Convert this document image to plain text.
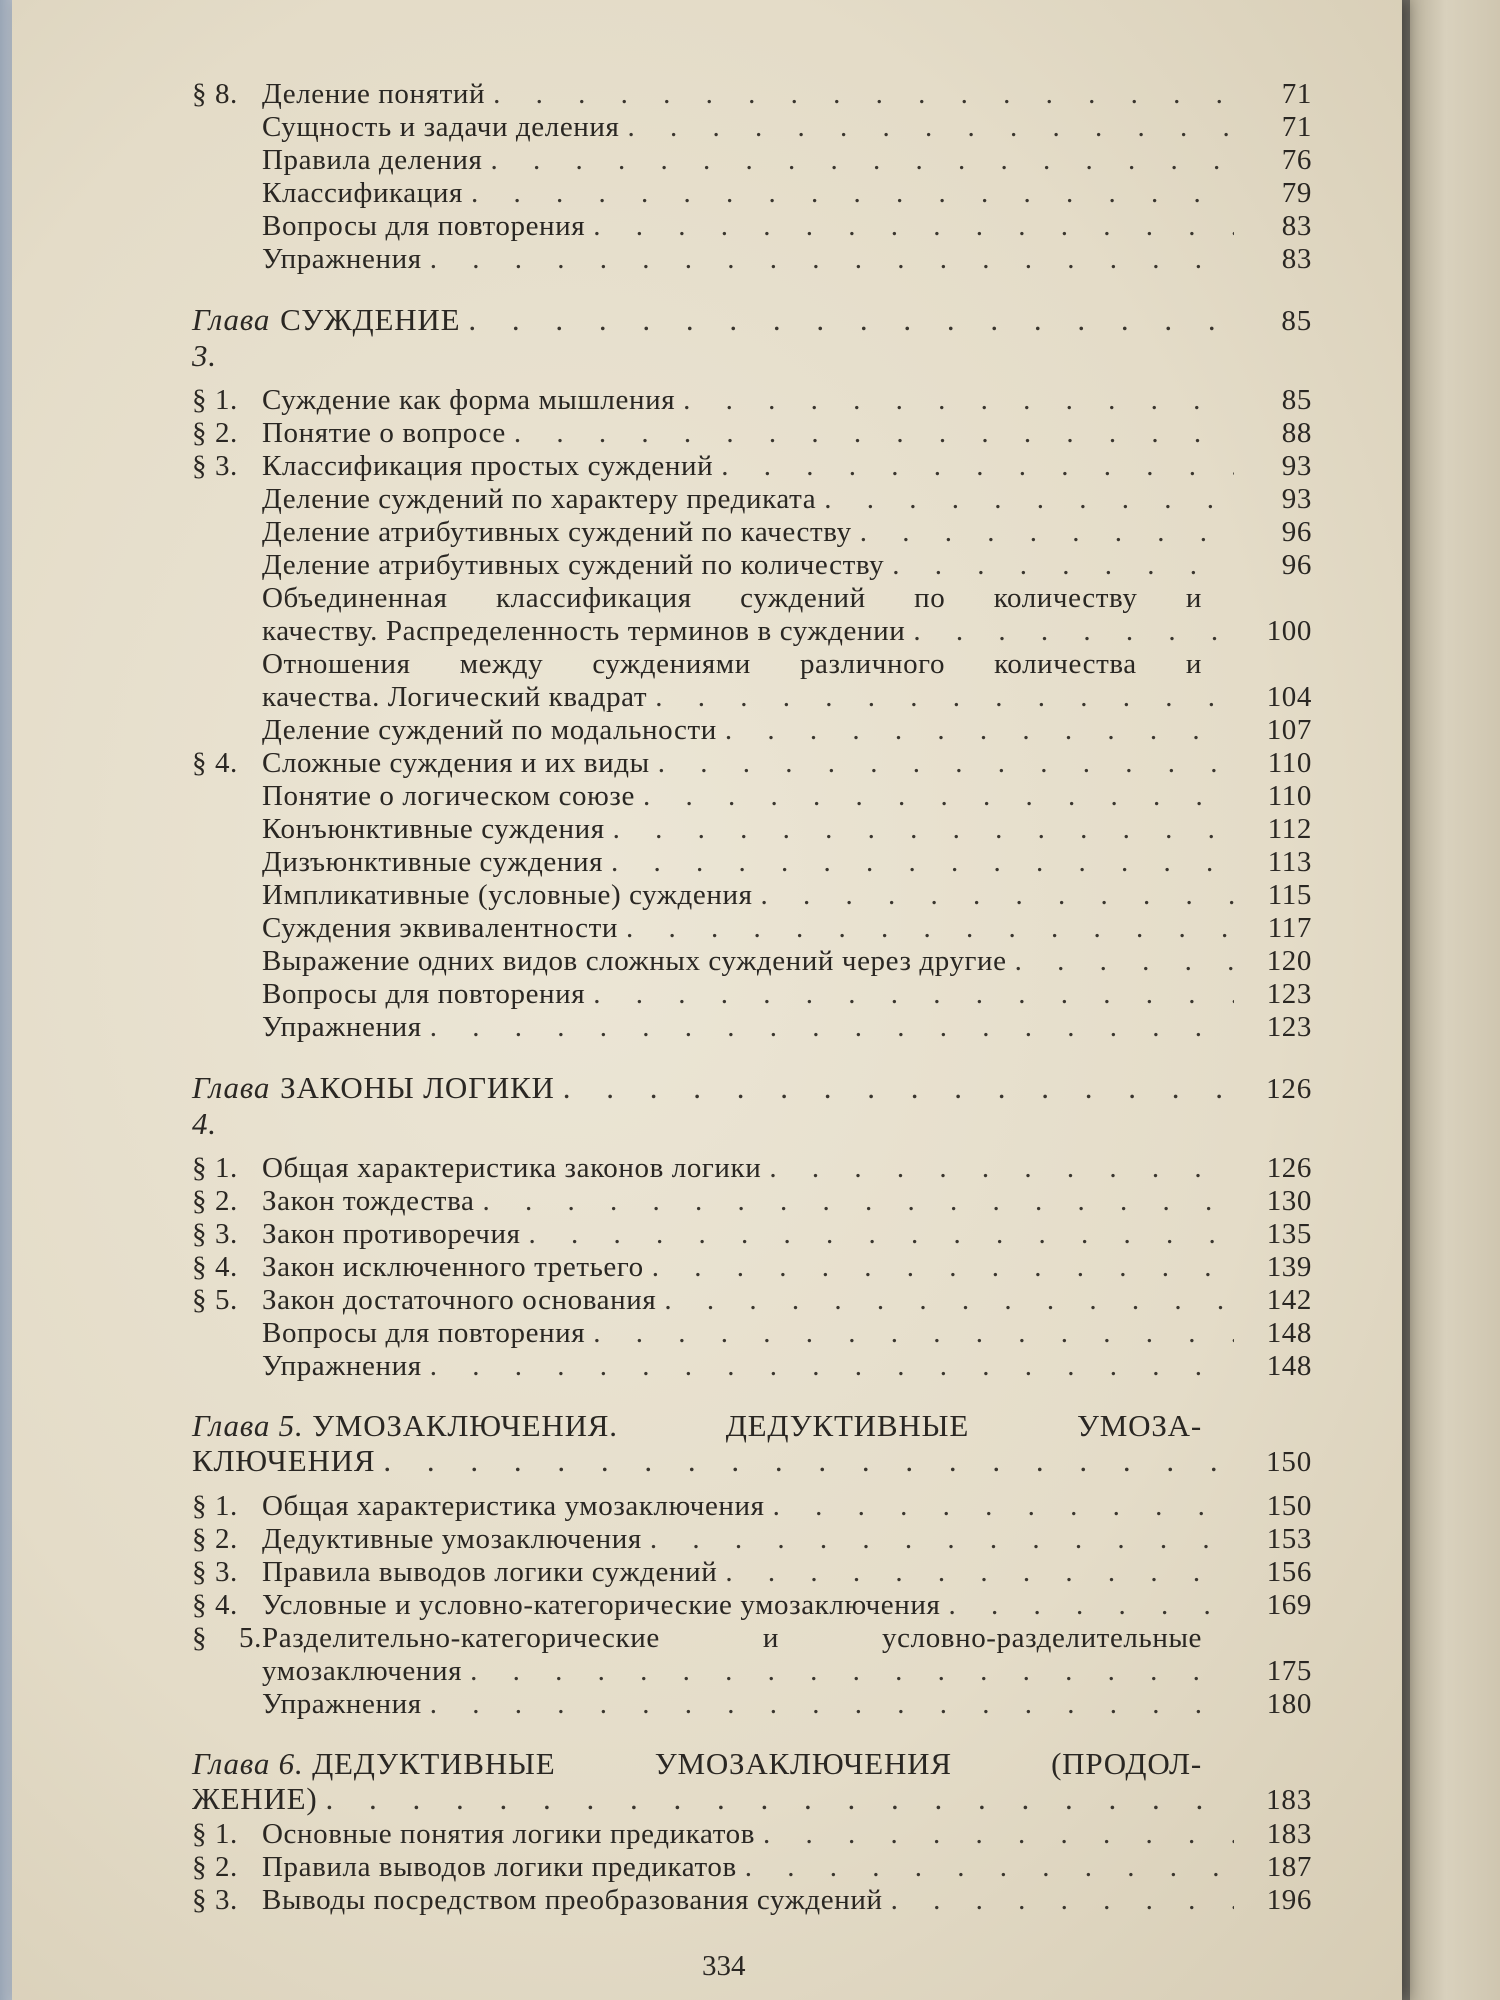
§ 8. Деление понятий . . .	71
Сущность и задачи деления . . .	71
Правила деления . . .	76
Классификация . . .	79
Вопросы для повторения . . .	83
Упражнения . . .	83
Глава 3.
СУЖДЕНИЕ . . .	85
§ 1. Суждение как форма мышления . . .	85
§ 2. Понятие о вопросе . . .	88
§ 3. Классификация простых суждений . . .	93
Деление суждений по характеру предиката . . .	93
Деление атрибутивных суждений по качеству . . .	96
Деление атрибутивных суждений по количеству . . .	96
Объединенная классификация суждений по количеству и
качеству. Распределенность терминов в суждении . . .	100
Отношения между суждениями различного количества и
качества. Логический квадрат . . .	104
Деление суждений по модальности . . .	107
§ 4. Сложные суждения и их виды . . .	110
Понятие о логическом союзе . . .	110
Конъюнктивные суждения . . .	112
Дизъюнктивные суждения . . .	113
Импликативные (условные) суждения . . .	115
Суждения эквивалентности . . .	117
Выражение одних видов сложных суждений через другие . . .	120
Вопросы для повторения . . .	123
Упражнения . . .	123
Глава 4.
ЗАКОНЫ ЛОГИКИ . . .	126
§ 1. Общая характеристика законов логики . . .	126
§ 2. Закон тождества . . .	130
§ 3. Закон противоречия . . .	135
§ 4. Закон исключенного третьего . . .	139
§ 5. Закон достаточного основания . . .	142
Вопросы для повторения . . .	148
Упражнения . . .	148
Глава 5. УМОЗАКЛЮЧЕНИЯ.	ДЕДУКТИВНЫЕ	УМОЗА-
КЛЮЧЕНИЯ . . .	150
§ 1. Общая характеристика умозаключения . . .	150
§ 2. Дедуктивные умозаключения . . .	153
§ 3. Правила выводов логики суждений . . .	156
§ 4. Условные и условно-категорические умозаключения . . .	169
§ 5. Разделительно-категорические и условно-разделительные
умозаключения . . .	175
Упражнения . . .	180
Глава 6. ДЕДУКТИВНЫЕ	УМОЗАКЛЮЧЕНИЯ	(ПРОДОЛ-
ЖЕНИЕ) . . .	183
§ 1. Основные понятия логики предикатов . . .	183
§ 2. Правила выводов логики предикатов . . .	187
§ 3. Выводы посредством преобразования суждений . . .	196
334
